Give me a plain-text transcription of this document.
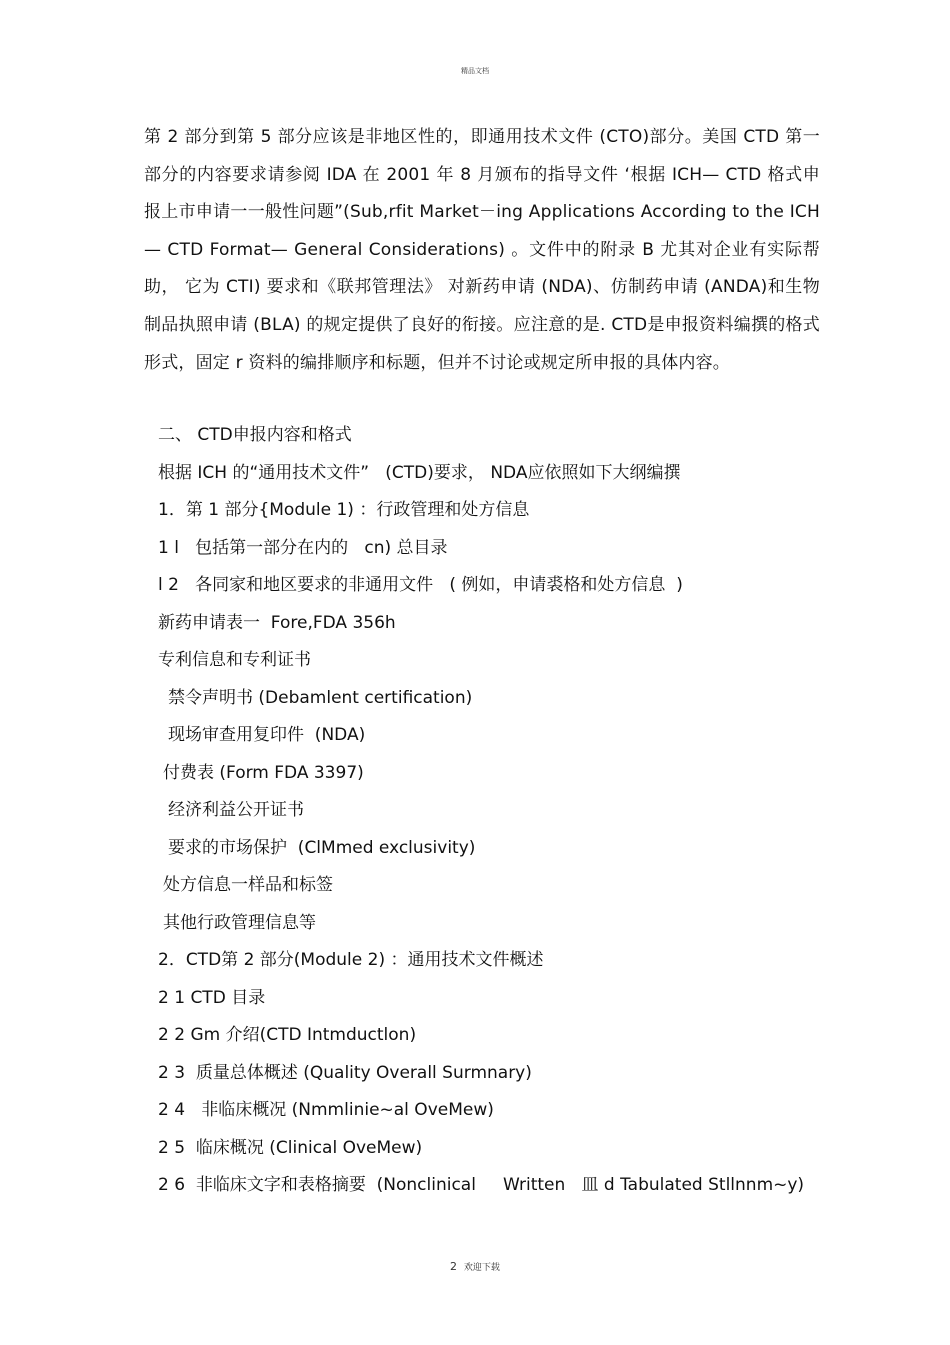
精品文档
第 2 部分到第 5 部分应该是非地区性的，即通用技术文件 (CTO)部分。美国 CTD 第一部分的内容要求请参阅 IDA 在 2001 年 8 月颁布的指导文件 ‘根据 ICH— CTD 格式申报上市申请一一般性问题”(Sub,rfit Market－ing Applications According to the ICH — CTD Format— General Considerations) 。文件中的附录 B 尤其对企业有实际帮助， 它为 CTI) 要求和《联邦管理法》 对新药申请 (NDA)、仿制药申请 (ANDA)和生物制品执照申请 (BLA) 的规定提供了良好的衔接。应注意的是. CTD是申报资料编撰的格式形式，固定 r 资料的编排顺序和标题，但并不讨论或规定所申报的具体内容。
二、 CTD申报内容和格式
根据 ICH 的“通用技术文件”   (CTD)要求， NDA应依照如下大纲编撰
1．第 1 部分{Module 1) ：行政管理和处方信息
1 l   包括第一部分在内的   cn) 总目录
l 2   各同家和地区要求的非通用文件   ( 例如，申请裘格和处方信息  )
新药申请表一  Fore,FDA 356h
专利信息和专利证书
禁令声明书 (Debamlent certification)
现场审查用复印件  (NDA)
付费表 (Form FDA 3397)
经济利益公开证书
要求的市场保护  (ClMmed exclusivity)
处方信息一样品和标签
其他行政管理信息等
2．CTD第 2 部分(Module 2) ：通用技术文件概述
2 1 CTD 目录
2 2 Gm 介绍(CTD Intmductlon)
2 3  质量总体概述 (Quality Overall Surmnary)
2 4   非临床概况 (Nmmlinie~al OveMew)
2 5  临床概况 (Clinical OveMew)
2 6  非临床文字和表格摘要  (Nonclinical     Written   皿 d Tabulated Stllnnm~y)
2 欢迎下载
